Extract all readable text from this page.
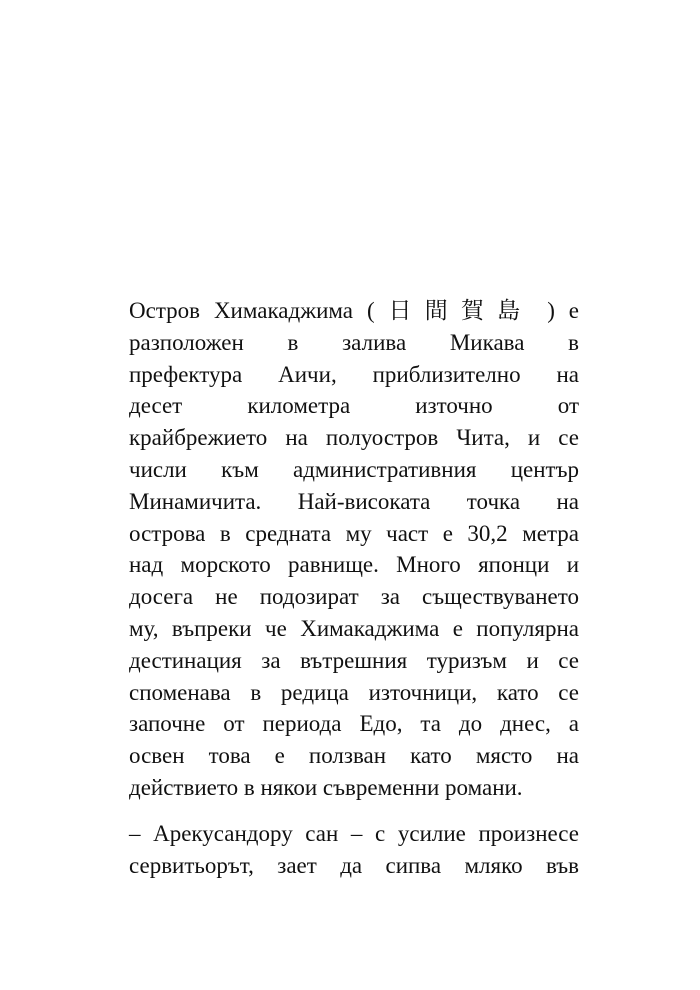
Остров Химакаджима ( 日間賀島 ) е
разположен в залива Микава в
префектура Аичи, приблизително на
десет километра източно от
крайбрежието на полуостров Чита, и се
числи към административния център
Минамичита. Най-високата точка на
острова в средната му част е 30,2 метра
над морското равнище. Много японци и
досега не подозират за съществуването
му, въпреки че Химакаджима е популярна
дестинация за вътрешния туризъм и се
споменава в редица източници, като се
започне от периода Едо, та до днес, а
освен това е ползван като място на
действието в някои съвременни романи.
– Арекусандору сан – с усилие произнесе
сервитьорът, зает да сипва мляко във
